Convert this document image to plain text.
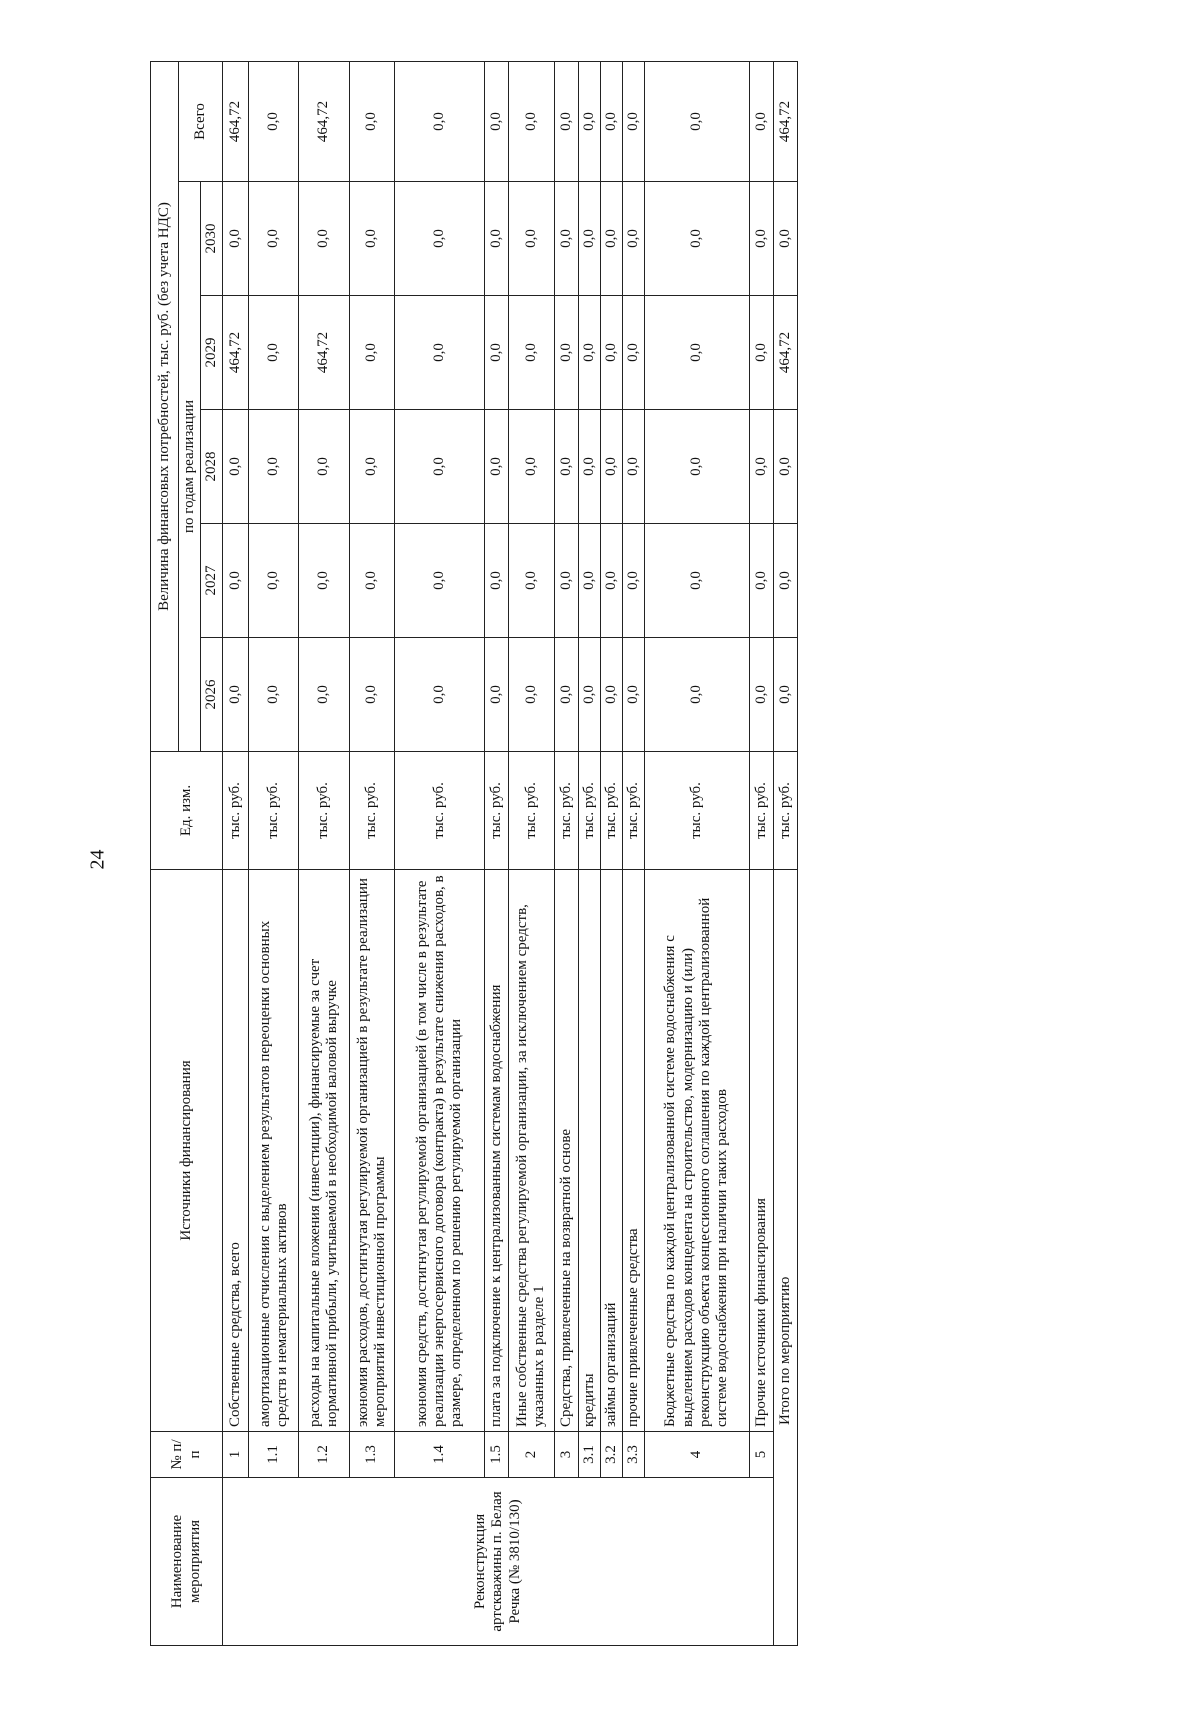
24
Наименование мероприятия	№ п/п	Источники финансирования	Ед. изм.	Величина финансовых потребностей, тыс. руб. (без учета НДС)					
				по годам реализации					Всего
				2026	2027	2028	2029	2030	
Реконструкция артскважины п. Белая Речка (№ 3810/130)	1	Собственные средства, всего	тыс. руб.	0,0	0,0	0,0	464,72	0,0	464,72
	1.1	амортизационные отчисления с выделением результатов переоценки основных средств и нематериальных активов	тыс. руб.	0,0	0,0	0,0	0,0	0,0	0,0
	1.2	расходы на капитальные вложения (инвестиции), финансируемые за счет нормативной прибыли, учитываемой в необходимой валовой выручке	тыс. руб.	0,0	0,0	0,0	464,72	0,0	464,72
	1.3	экономия расходов, достигнутая регулируемой организацией в результате реализации мероприятий инвестиционной программы	тыс. руб.	0,0	0,0	0,0	0,0	0,0	0,0
	1.4	экономия средств, достигнутая регулируемой организацией (в том числе в результате реализации энергосервисного договора (контракта) в результате снижения расходов, в размере, определенном по решению регулируемой организации	тыс. руб.	0,0	0,0	0,0	0,0	0,0	0,0
	1.5	плата за подключение к централизованным системам водоснабжения	тыс. руб.	0,0	0,0	0,0	0,0	0,0	0,0
	2	Иные собственные средства регулируемой организации, за исключением средств, указанных в разделе 1	тыс. руб.	0,0	0,0	0,0	0,0	0,0	0,0
	3	Средства, привлеченные на возвратной основе	тыс. руб.	0,0	0,0	0,0	0,0	0,0	0,0
	3.1	кредиты	тыс. руб.	0,0	0,0	0,0	0,0	0,0	0,0
	3.2	займы организаций	тыс. руб.	0,0	0,0	0,0	0,0	0,0	0,0
	3.3	прочие привлеченные средства	тыс. руб.	0,0	0,0	0,0	0,0	0,0	0,0
	4	Бюджетные средства по каждой централизованной системе водоснабжения с выделением расходов концедента на строительство, модернизацию и (или) реконструкцию объекта концессионного соглашения по каждой централизованной системе водоснабжения при наличии таких расходов	тыс. руб.	0,0	0,0	0,0	0,0	0,0	0,0
	5	Прочие источники финансирования	тыс. руб.	0,0	0,0	0,0	0,0	0,0	0,0
Итого по мероприятию			тыс. руб.	0,0	0,0	0,0	464,72	0,0	464,72
